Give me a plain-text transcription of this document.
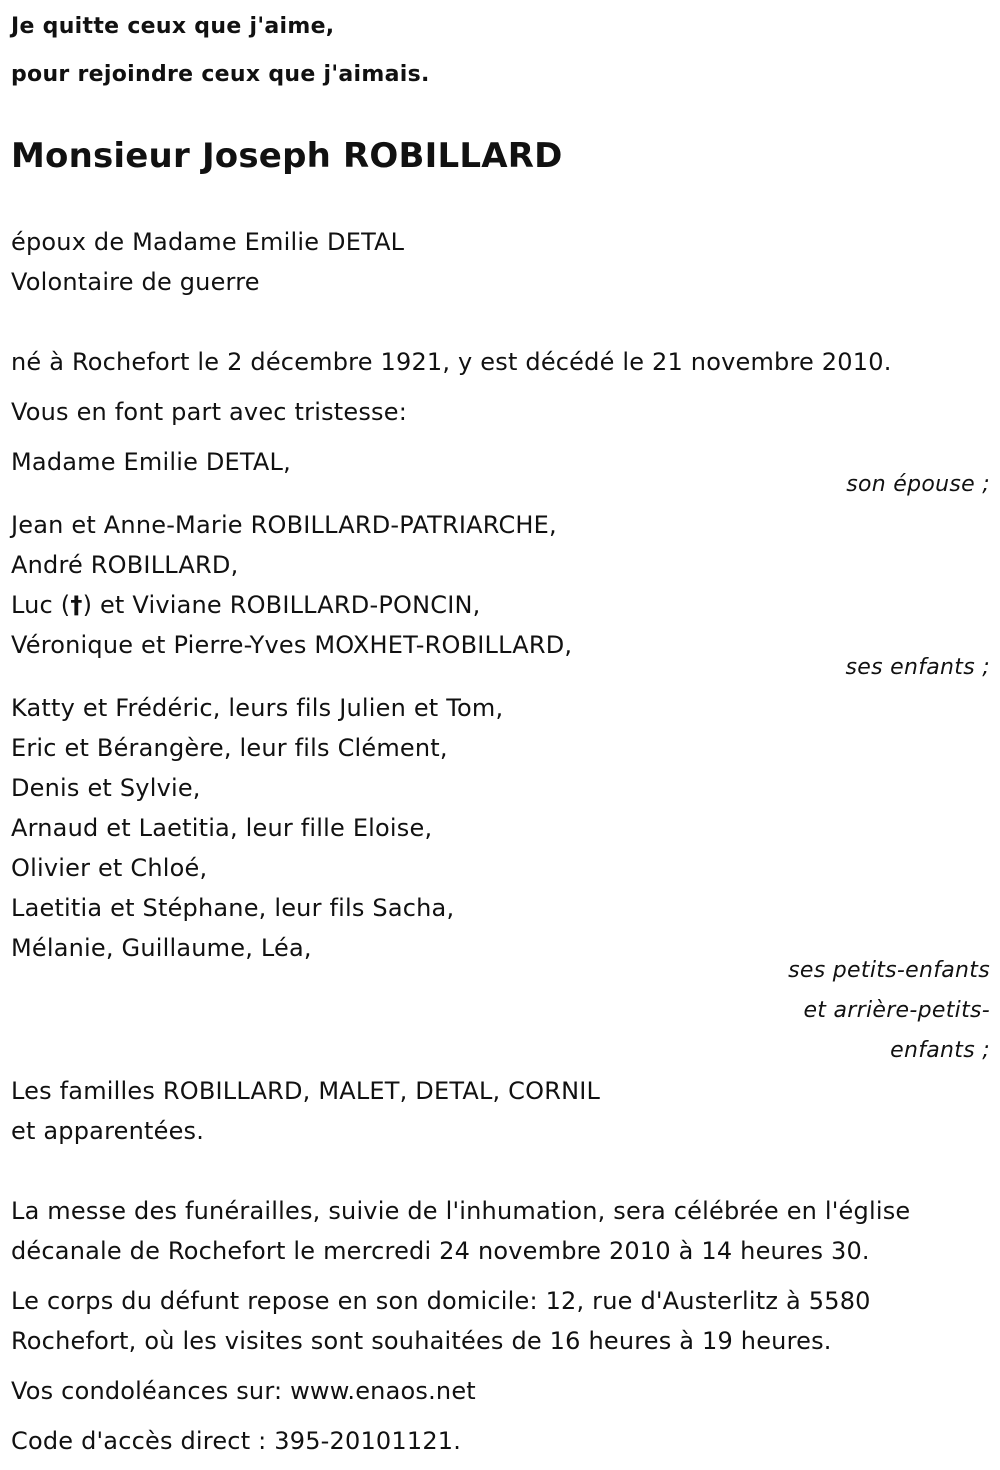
Je quitte ceux que j'aime,
pour rejoindre ceux que j'aimais.
Monsieur Joseph ROBILLARD
époux de Madame Emilie DETAL
Volontaire de guerre
né à Rochefort le 2 décembre 1921, y est décédé le 21 novembre 2010.
Vous en font part avec tristesse:
Madame Emilie DETAL,
son épouse ;
Jean et Anne-Marie ROBILLARD-PATRIARCHE,
André ROBILLARD,
Luc (†) et Viviane ROBILLARD-PONCIN,
Véronique et Pierre-Yves MOXHET-ROBILLARD,
ses enfants ;
Katty et Frédéric, leurs fils Julien et Tom,
Eric et Bérangère, leur fils Clément,
Denis et Sylvie,
Arnaud et Laetitia, leur fille Eloise,
Olivier et Chloé,
Laetitia et Stéphane, leur fils Sacha,
Mélanie, Guillaume, Léa,
ses petits-enfants
et arrière-petits-
enfants ;
Les familles ROBILLARD, MALET, DETAL, CORNIL
et apparentées.
La messe des funérailles, suivie de l'inhumation, sera célébrée en l'église
décanale de Rochefort le mercredi 24 novembre 2010 à 14 heures 30.
Le corps du défunt repose en son domicile: 12, rue d'Austerlitz à 5580
Rochefort, où les visites sont souhaitées de 16 heures à 19 heures.
Vos condoléances sur: www.enaos.net
Code d'accès direct : 395-20101121.
